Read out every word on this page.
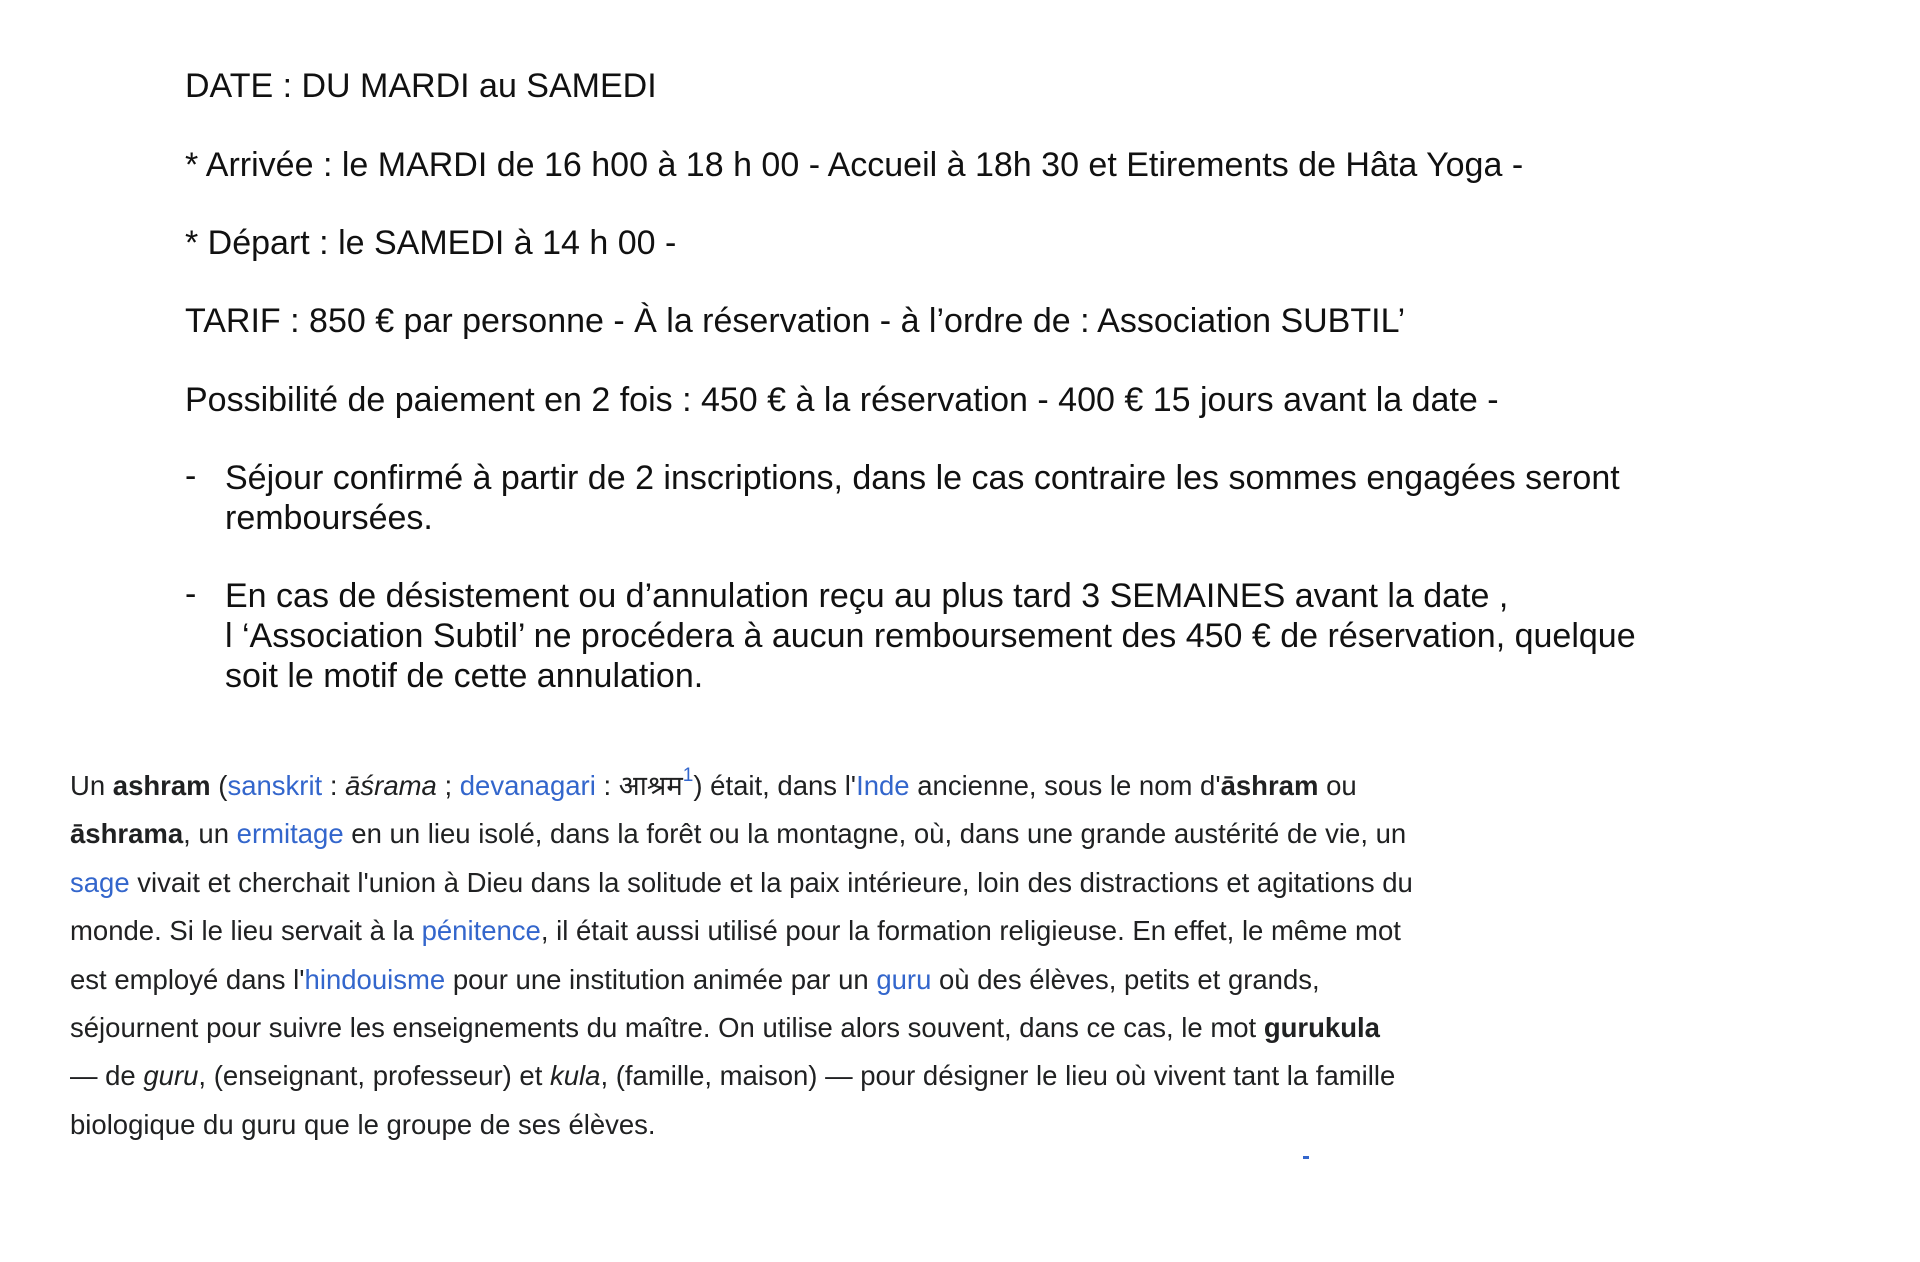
DATE : DU MARDI au SAMEDI
* Arrivée : le MARDI de 16 h00 à 18 h 00 - Accueil à 18h 30 et Etirements de Hâta Yoga -
* Départ : le SAMEDI à 14 h 00 -
TARIF : 850 € par personne - À la réservation - à l’ordre de : Association SUBTIL’
Possibilité de paiement en 2 fois : 450 € à la réservation - 400 € 15 jours avant la date -
- Séjour confirmé à partir de 2 inscriptions, dans le cas contraire les sommes engagées seront
remboursées.
- En cas de désistement ou d’annulation reçu au plus tard 3 SEMAINES avant la date ,
l ‘Association Subtil’ ne procédera à aucun remboursement des 450 € de réservation, quelque
soit le motif de cette annulation.
Un ashram (sanskrit : āśrama ; devanagari : आश्रम$^1$) était, dans l'Inde ancienne, sous le nom d'āshram ou
āshrama, un ermitage en un lieu isolé, dans la forêt ou la montagne, où, dans une grande austérité de vie, un
sage vivait et cherchait l'union à Dieu dans la solitude et la paix intérieure, loin des distractions et agitations du
monde. Si le lieu servait à la pénitence, il était aussi utilisé pour la formation religieuse. En effet, le même mot
est employé dans l'hindouisme pour une institution animée par un guru où des élèves, petits et grands,
séjournent pour suivre les enseignements du maître. On utilise alors souvent, dans ce cas, le mot gurukula
— de guru, (enseignant, professeur) et kula, (famille, maison) — pour désigner le lieu où vivent tant la famille
biologique du guru que le groupe de ses élèves.
